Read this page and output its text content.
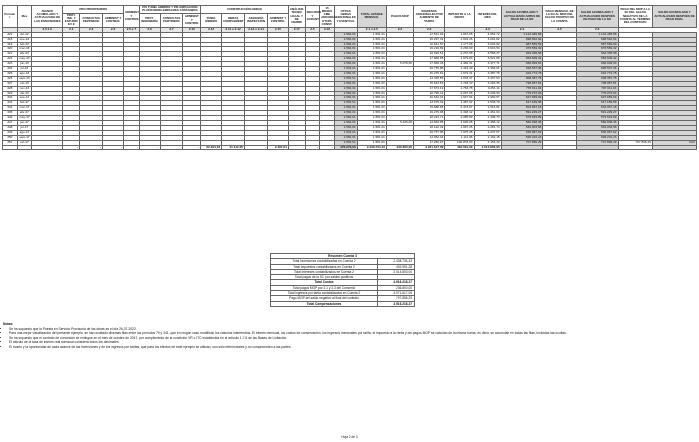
Período t	Mes	AVANCE ACUMULADO Y ACTUALIZADO DE LAS INVERSIONES	PRO PRIORITARIOS			ADMINIST Y CONTROL	PIS TUNEL HIBRIDO Y PIS AMPLIACIÓN PLATAFORMA EMPALMES COSTANERA			CONSTRUCCIÓN OBRAS				ANÁLISIS TÉCNIC LEGAL Y DE CIERRE	SEGUROS Y GARANT	15 MESES CME ADICIONAL ETAPA CONST.	OTRAS OBRAS ADICIONALES Y EVENTUAL	TOTAL AVANCE MENSUAL	PAGOS MOP	INGRESOS ADICIONALES POR AUMENTO DE TARIFA	IMPUESTO A LA RENTA	INTERÉS DEL MES	SALDO ACUMULADO Y ACTUALIZADO ANTES DE PAGO DE LA SO	PAGO MENSUAL DE LA SO AL MOP DEL SALDO POSITIVO DE LA CUENTA	SALDO ACUMULADO Y ACTUALIZADO DESPUÉS DE PAGO DE LA SO	PAGO DEL MOP A LA SC DEL SALDO NEGATIVO DE LA CUENTA AL TÉRMINO DEL CONTRATO	SALDO ACUMULADO Y ACTUALIZADO DESPUÉS DE PAGO FINAL
			PROY. ING. Y ESTUDIO EV E	CONSULTAS PERTINENC	ADMINIST Y CONTROL		PROY. INGENIERÍA	CONSULTAS PERTINENC	ADMINIST Y CONTROL	TUNEL HÍBRIDO	OBRAS COMPLEMENT	ASESORÍA INSPECCIÓN	ADMINIST Y CONTROL														
		2.5.1 b	2.1	2.2	2.3	2.5.x 7	2.6	2.7	2.10	2.12	2.11 x 2.12	2.13 x 2.14	2.15	2.17	2.5	2.19		2.1 x 2.5	2.2	2.2		2.3	2.4	2.5	2.6		
322	dic-42															-	1.581,01	1.581,01		17.531,02	1.667,05	4.052,72	1.142.465,66		1.142.465,66		
318	ene-43															-	1.581,01	1.581,01		16.297,32	1.634,25	3.691,82	998.562,64		998.562,64		
319	feb-43															-	1.581,01	1.581,01		10.641,57	1.177,68	3.632,62	987.559,59		987.559,59		
320	mar-43															-	1.581,01	1.581,01		19.219,69	2.230,00	3.616,53	976.559,32		976.559,32		
321	abr-43															-	1.581,01	1.581,01		19.629,51	2.237,68	3.568,37	964.395,68		964.395,68		
322	may-43															-	1.581,01	1.581,01		17.868,65	1.979,63	3.521,80	953.609,42		953.609,42		
323	jun-43															-	1.581,01	1.581,01	5.078,00	17.669,43	4.482,31	3.477,71	936.009,63		936.009,63		
324	jul-43															-	1.581,01	1.581,01		15.735,88	1.419,40	3.466,01	928.537,36		928.537,36		
325	ago-43															-	1.581,01	1.581,01		16.276,81	1.679,31	3.387,76	916.774,78		916.774,78		
326	sept-43															-	1.581,01	1.581,01		14.335,55	1.633,47	3.337,64	908.387,76		908.387,76		
327	oct-43															-	1.581,01	1.581,01		15.643,53	1.703,10	3.293,35	798.957,81		798.957,81		
328	nov-43															-	1.581,01	1.581,01		17.673,19	1.763,78	3.251,11	787.011,04		787.011,04		
329	dic-43															-	1.581,01	1.581,01		18.790,41	2.097,06	3.209,93	776.272,03		776.272,03		
342	ene-41															-	1.581,01	1.581,01		16.643,34	1.647,64	2.900,57	627.659,69		627.659,69		
343	feb-47															-	1.581,01	1.581,01		13.675,32	1.487,02	2.538,70	617.189,58		617.189,58		
344	mar-47															-	1.581,01	1.581,01		19.688,83	2.473,07	2.516,81	604.067,18		604.067,18		
345	abr-47															-	1.581,01	1.581,01		19.279,08	2.348,12	2.461,04	591.229,27		591.229,27		
346	may-47															-	1.581,01	1.581,01		18.243,71	2.085,89	2.408,73	579.649,89		579.649,89		
347	jun-47															-	1.581,01	1.581,01	5.426,00	14.663,05	4.600,05	2.358,12	560.938,36		560.938,36		
348	jul-47															-	1.581,01	1.581,01		16.122,32	1.697,25	2.281,74	549.004,68		549.004,68		
349	ago-47															-	1.581,01	1.581,01		15.737,95	1.675,38	2.237,67	536.987,62		536.987,62		
350	sept-47															-	1.581,01	1.581,01		14.062,34	1.112,06	2.192,15	528.232,23		528.232,23		
351	oct-47															-	1.581,01	1.581,01		17.260,07	100.878,03	2.153,33	707.896,29		707.896,29	707.896,29	0,00
			-	-	-	-	-	-	-	62.294,18	41.112,05	-	2.487,04	-	-	-	470.073,00	2.438.734,43	236.800,00	3.971.617,09	402.591,00	1.014.800,00					
Resumen Cuenta 3	
Total inversiones contabilizadas en Cuenta 2	2.438.734,43
Total impuestos contabilizados en Cuenta 2	402.591,28
Total intereses contabilizados en Cuenta 2	2.014.800,00
Total pagos de la SC por saldos positivos	-
Total Costos	4.916.216,27
Total pagos MOP por 2.1 y 2.3 del Convenio	236.800,00
Total ingresos por tarifa contabilizados en Cuenta 2	3.971.617,09
Pago MOP del saldo negativo al final del contrato	707.896,29
Total Compensaciones	4.916.216,27
Notas:
• Se ha supuesto que la Puesta en Servicio Provisoria de las obras es el día 26-07-2022.
• Para una mejor visualización del presente ejemplo, se han ocultado diversas filas entre los períodos 79 y 341, que en ningún caso modifican los cálculos intermedios. El interés mensual, los costos de conservación, los ingresos mensuales por tarifa, el impuesto a la renta y los pagos MOP se calculan de la misma forma, es decir, se acumulan en todas las filas, incluidas las ocultas.
• Se ha supuesto que el contrato de concesión se extingue en el mes de octubre de 2047, por cumplimiento de la condición VR ≥ ITC establecida en el artículo 1.7.6 de las Bases de Licitación.
• El cálculo de la tasa de interés real mensual considera todos los decimales.
• El monto y la oportunidad de cada avance de las inversiones y de los ingresos por tarifas, que para los efectos de este ejemplo se utilizan, son sólo referenciales y no comprometen a las partes.
Hoja 2 de 3
